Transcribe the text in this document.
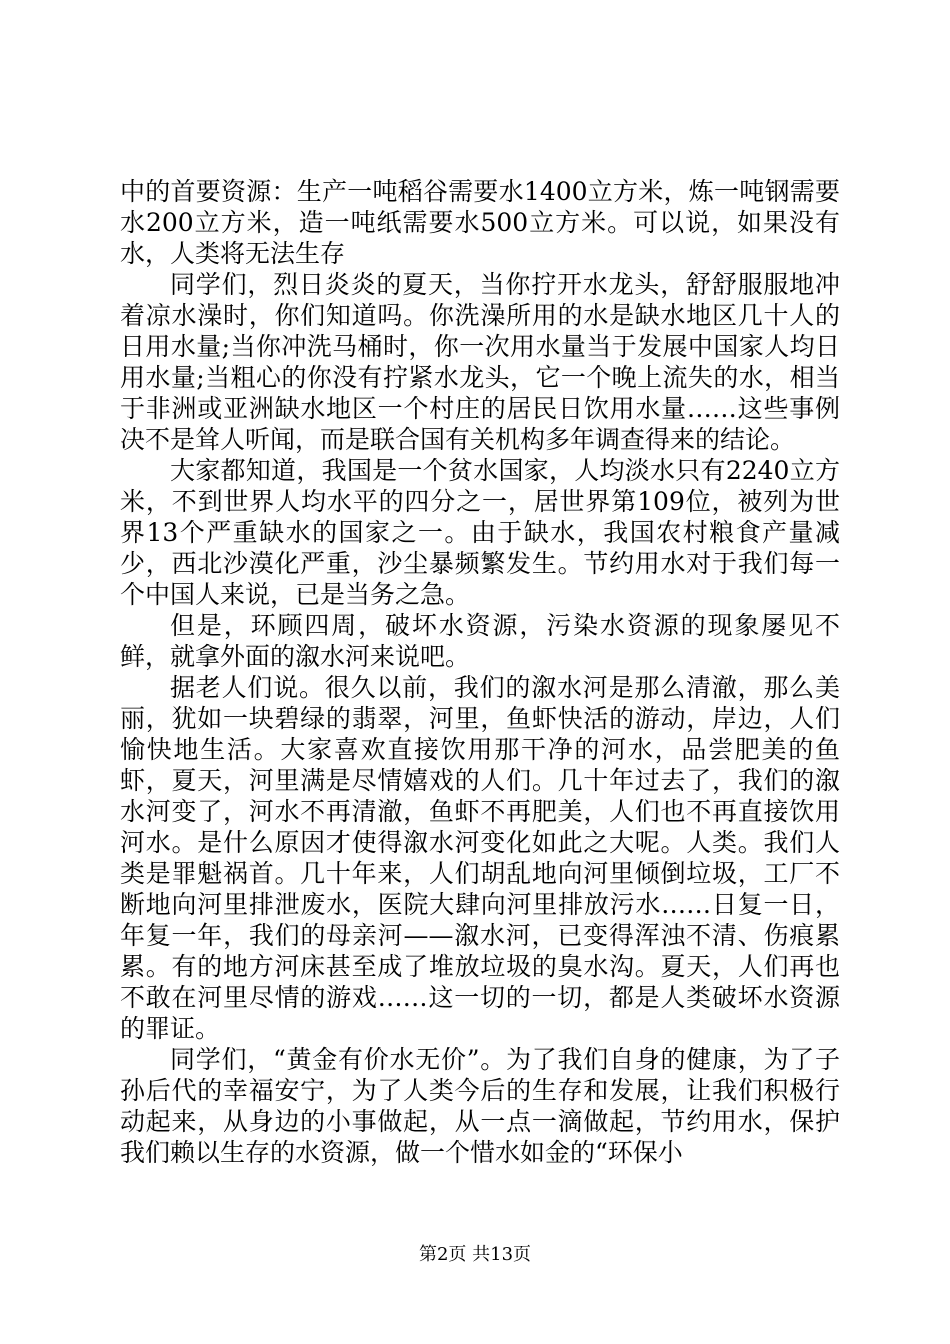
中的首要资源：生产一吨稻谷需要水1400立方米，炼一吨钢需要水200立方米，造一吨纸需要水500立方米。可以说，如果没有水，人类将无法生存

同学们，烈日炎炎的夏天，当你拧开水龙头，舒舒服服地冲着凉水澡时，你们知道吗。你洗澡所用的水是缺水地区几十人的日用水量;当你冲洗马桶时，你一次用水量当于发展中国家人均日用水量;当粗心的你没有拧紧水龙头，它一个晚上流失的水，相当于非洲或亚洲缺水地区一个村庄的居民日饮用水量……这些事例决不是耸人听闻，而是联合国有关机构多年调查得来的结论。

大家都知道，我国是一个贫水国家，人均淡水只有2240立方米，不到世界人均水平的四分之一，居世界第109位，被列为世界13个严重缺水的国家之一。由于缺水，我国农村粮食产量减少，西北沙漠化严重，沙尘暴频繁发生。节约用水对于我们每一个中国人来说，已是当务之急。

但是，环顾四周，破坏水资源，污染水资源的现象屡见不鲜，就拿外面的溆水河来说吧。

据老人们说。很久以前，我们的溆水河是那么清澈，那么美丽，犹如一块碧绿的翡翠，河里，鱼虾快活的游动，岸边，人们愉快地生活。大家喜欢直接饮用那干净的河水，品尝肥美的鱼虾，夏天，河里满是尽情嬉戏的人们。几十年过去了，我们的溆水河变了，河水不再清澈，鱼虾不再肥美，人们也不再直接饮用河水。是什么原因才使得溆水河变化如此之大呢。人类。我们人类是罪魁祸首。几十年来，人们胡乱地向河里倾倒垃圾，工厂不断地向河里排泄废水，医院大肆向河里排放污水……日复一日，年复一年，我们的母亲河——溆水河，已变得浑浊不清、伤痕累累。有的地方河床甚至成了堆放垃圾的臭水沟。夏天，人们再也不敢在河里尽情的游戏……这一切的一切，都是人类破坏水资源的罪证。

同学们，“黄金有价水无价”。为了我们自身的健康，为了子孙后代的幸福安宁，为了人类今后的生存和发展，让我们积极行动起来，从身边的小事做起，从一点一滴做起，节约用水，保护我们赖以生存的水资源，做一个惜水如金的“环保小

第2页 共13页
